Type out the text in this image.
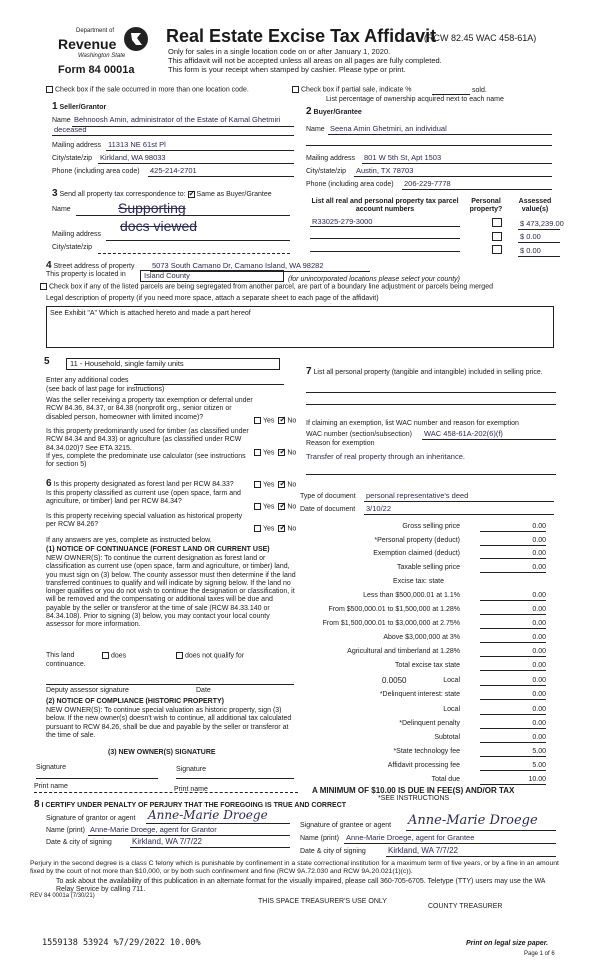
Department of
Revenue
Washington State
Form 84 0001a
Real Estate Excise Tax Affidavit
(RCW 82.45 WAC 458-61A)
Only for sales in a single location code on or after January 1, 2020.
This affidavit will not be accepted unless all areas on all pages are fully completed.
This form is your receipt when stamped by cashier. Please type or print.
Check box if the sale occurred in more than one location code.	Check box if partial sale, indicate %	sold.
List percentage of ownership acquired next to each name
1 Seller/Grantor
Name Behnoosh Amin, administrator of the Estate of Kamal Ghetmiri
deceased
Mailing address 11313 NE 61st Pl
City/state/zip Kirkland, WA 98033
Phone (including area code) 425-214-2701
2 Buyer/Grantee
Name Seena Amin Ghetmiri, an individual
Mailing address 801 W 5th St, Apt 1503
City/state/zip Austin, TX 78703
Phone (including area code) 206-229-7778
3 Send all property tax correspondence to: ✓ Same as Buyer/Grantee
Name	Supporting
docs viewed
Mailing address
City/state/zip
List all real and personal property tax parcel account numbers
Personal property?
Assessed value(s)
R33025-279-3000	$ 473,239.00
$ 0.00
$ 0.00
4 Street address of property 5073 South Camano Dr, Camano Island, WA 98282
This property is located in	Island County	(for unincorporated locations please select your county)
Check box if any of the listed parcels are being segregated from another parcel, are part of a boundary line adjustment or parcels being merged
Legal description of property (if you need more space, attach a separate sheet to each page of the affidavit)
See Exhibit "A" Which is attached hereto and made a part hereof
5	11 - Household, single family units
Enter any additional codes
(see back of last page for instructions)
Was the seller receiving a property tax exemption or deferral under RCW 84.36, 84.37, or 84.38 (nonprofit org., senior citizen or disabled person, homeowner with limited income)?
Yes ✓ No
Is this property predominantly used for timber (as classified under RCW 84.34 and 84.33) or agriculture (as classified under RCW 84.34.020)? See ETA 3215.
Yes ✓ No
If yes, complete the predominate use calculator (see instructions for section 5)
6 Is this property designated as forest land per RCW 84.33?	Yes ✓ No
Is this property classified as current use (open space, farm and agriculture, or timber) land per RCW 84.34?
Yes ✓ No
Is this property receiving special valuation as historical property per RCW 84.26?
Yes ✓ No
If any answers are yes, complete as instructed below.
(1) NOTICE OF CONTINUANCE (FOREST LAND OR CURRENT USE)
NEW OWNER(S): To continue the current designation as forest land or classification as current use (open space, farm and agriculture, or timber) land, you must sign on (3) below. The county assessor must then determine if the land transferred continues to qualify and will indicate by signing below. If the land no longer qualifies or you do not wish to continue the designation or classification, it will be removed and the compensating or additional taxes will be due and payable by the seller or transferor at the time of sale (RCW 84.33.140 or 84.34.108). Prior to signing (3) below, you may contact your local county assessor for more information.
This land	does	does not qualify for
continuance.
Deputy assessor signature	Date
(2) NOTICE OF COMPLIANCE (HISTORIC PROPERTY)
NEW OWNER(S): To continue special valuation as historic property, sign (3) below. If the new owner(s) doesn't wish to continue, all additional tax calculated pursuant to RCW 84.26, shall be due and payable by the seller or transferor at the time of sale.
(3) NEW OWNER(S) SIGNATURE
Signature	Signature
Print name	Print name
7 List all personal property (tangible and intangible) included in selling price.
If claiming an exemption, list WAC number and reason for exemption
WAC number (section/subsection) WAC 458-61A-202(6)(f)
Reason for exemption
Transfer of real property through an inheritance.
Type of document personal representative's deed
Date of document 3/10/22
Gross selling price	0.00
*Personal property (deduct)	0.00
Exemption claimed (deduct)	0.00
Taxable selling price	0.00
Excise tax: state
Less than $500,000.01 at 1.1%	0.00
From $500,000.01 to $1,500,000 at 1.28%	0.00
From $1,500,000.01 to $3,000,000 at 2.75%	0.00
Above $3,000,000 at 3%	0.00
Agricultural and timberland at 1.28%	0.00
Total excise tax state	0.00
0.0050	Local	0.00
*Delinquent interest: state	0.00
Local	0.00
*Delinquent penalty	0.00
Subtotal	0.00
*State technology fee	5.00
Affidavit processing fee	5.00
Total due	10.00
A MINIMUM OF $10.00 IS DUE IN FEE(S) AND/OR TAX
*SEE INSTRUCTIONS
8 I CERTIFY UNDER PENALTY OF PERJURY THAT THE FOREGOING IS TRUE AND CORRECT
Signature of grantor or agent Anne-Marie Droege
Name (print) Anne-Marie Droege, agent for Grantor
Date & city of signing	Kirkland, WA 7/7/22
Signature of grantee or agent Anne-Marie Droege
Name (print) Anne-Marie Droege, agent for Grantee
Date & city of signing	Kirkland, WA 7/7/22
Perjury in the second degree is a class C felony which is punishable by confinement in a state correctional institution for a maximum term of five years, or by a fine in an amount fixed by the court of not more than $10,000, or by both such confinement and fine (RCW 9A.72.030 and RCW 9A.20.021(1)(c)).
To ask about the availability of this publication in an alternate format for the visually impaired, please call 360-705-6705. Teletype (TTY) users may use the WA Relay Service by calling 711.
REV 84 0001a (7/30/21)
THIS SPACE TREASURER'S USE ONLY
COUNTY TREASURER
1559138 53924 %7/29/2022 10.00%	Print on legal size paper.
Page 1 of 6
